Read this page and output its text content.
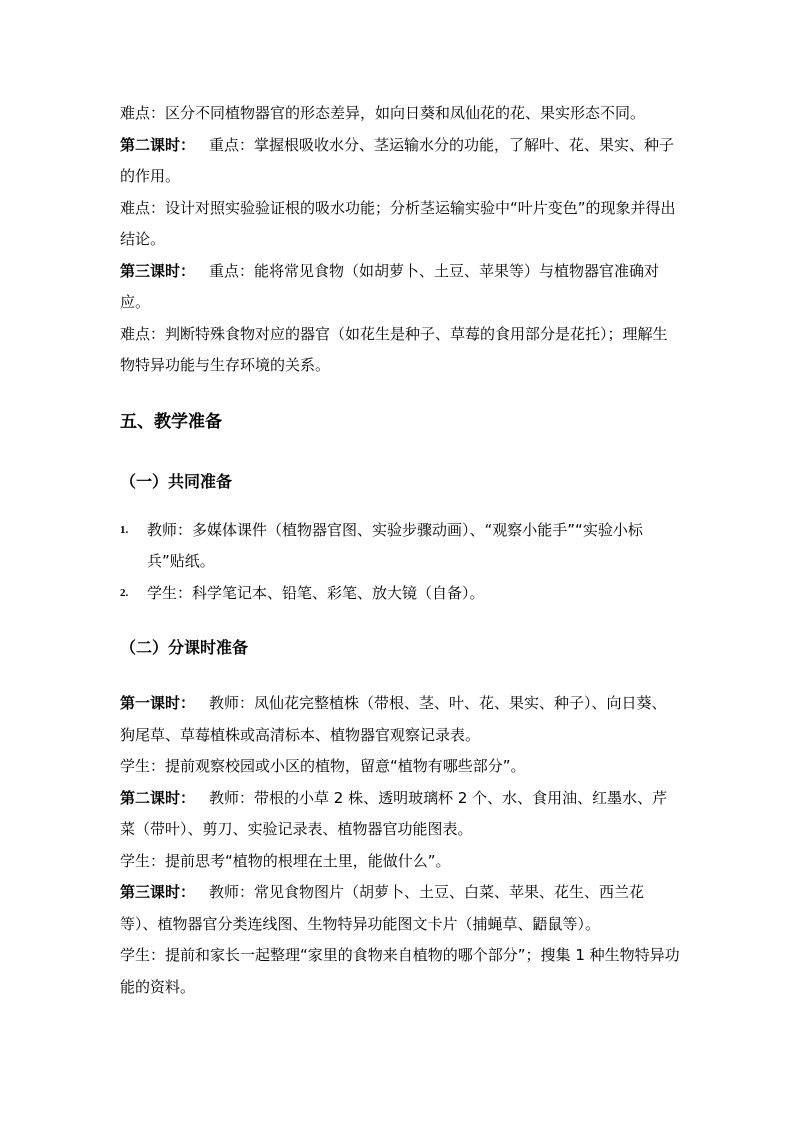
难点：区分不同植物器官的形态差异，如向日葵和凤仙花的花、果实形态不同。

第二课时： 重点：掌握根吸收水分、茎运输水分的功能，了解叶、花、果实、种子的作用。

难点：设计对照实验验证根的吸水功能；分析茎运输实验中“叶片变色”的现象并得出结论。

第三课时： 重点：能将常见食物（如胡萝卜、土豆、苹果等）与植物器官准确对应。

难点：判断特殊食物对应的器官（如花生是种子、草莓的食用部分是花托）；理解生物特异功能与生存环境的关系。

五、教学准备
（一）共同准备

1. 教师：多媒体课件（植物器官图、实验步骤动画）、“观察小能手”“实验小标兵”贴纸。

2. 学生：科学笔记本、铅笔、彩笔、放大镜（自备）。

（二）分课时准备

第一课时： 教师：凤仙花完整植株（带根、茎、叶、花、果实、种子）、向日葵、狗尾草、草莓植株或高清标本、植物器官观察记录表。

学生：提前观察校园或小区的植物，留意“植物有哪些部分”。

第二课时： 教师：带根的小草 2 株、透明玻璃杯 2 个、水、食用油、红墨水、芹菜（带叶）、剪刀、实验记录表、植物器官功能图表。

学生：提前思考“植物的根埋在土里，能做什么”。

第三课时： 教师：常见食物图片（胡萝卜、土豆、白菜、苹果、花生、西兰花等）、植物器官分类连线图、生物特异功能图文卡片（捕蝇草、鼯鼠等）。

学生：提前和家长一起整理“家里的食物来自植物的哪个部分”；搜集 1 种生物特异功能的资料。
